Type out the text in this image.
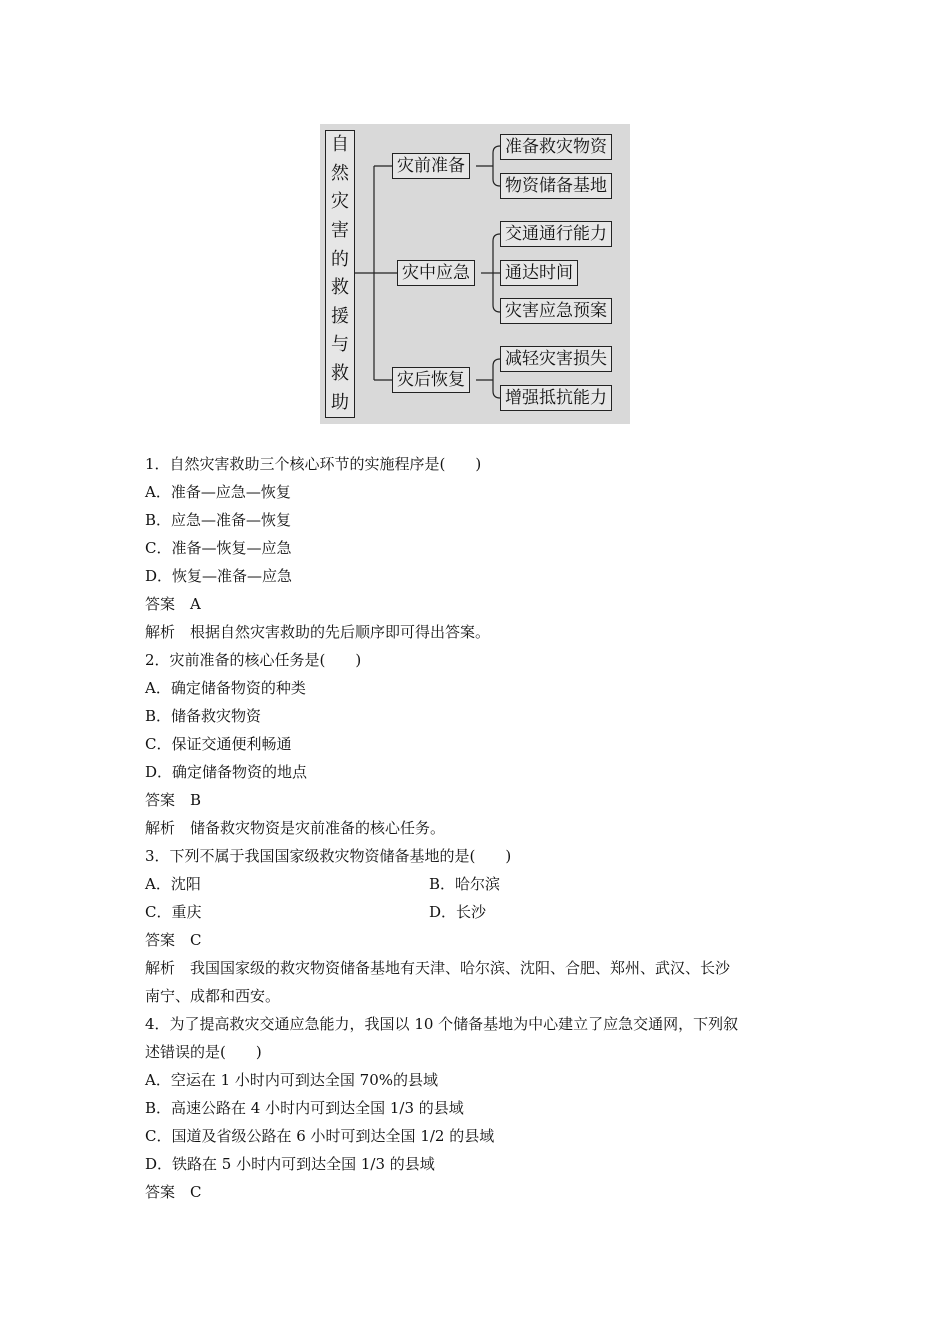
自
然
灾
害
的
救
援
与
救
助
灾前准备
准备救灾物资
物资储备基地
灾中应急
交通通行能力
通达时间
灾害应急预案
灾后恢复
减轻灾害损失
增强抵抗能力
1．自然灾害救助三个核心环节的实施程序是(　　)
A．准备—应急—恢复
B．应急—准备—恢复
C．准备—恢复—应急
D．恢复—准备—应急
答案　A
解析　根据自然灾害救助的先后顺序即可得出答案。
2．灾前准备的核心任务是(　　)
A．确定储备物资的种类
B．储备救灾物资
C．保证交通便利畅通
D．确定储备物资的地点
答案　B
解析　储备救灾物资是灾前准备的核心任务。
3．下列不属于我国国家级救灾物资储备基地的是(　　)
A．沈阳	B．哈尔滨
C．重庆	D．长沙
答案　C
解析　我国国家级的救灾物资储备基地有天津、哈尔滨、沈阳、合肥、郑州、武汉、长沙
南宁、成都和西安。
4．为了提高救灾交通应急能力，我国以 10 个储备基地为中心建立了应急交通网，下列叙
述错误的是(　　)
A．空运在 1 小时内可到达全国 70%的县域
B．高速公路在 4 小时内可到达全国 1/3 的县域
C．国道及省级公路在 6 小时可到达全国 1/2 的县域
D．铁路在 5 小时内可到达全国 1/3 的县域
答案　C
